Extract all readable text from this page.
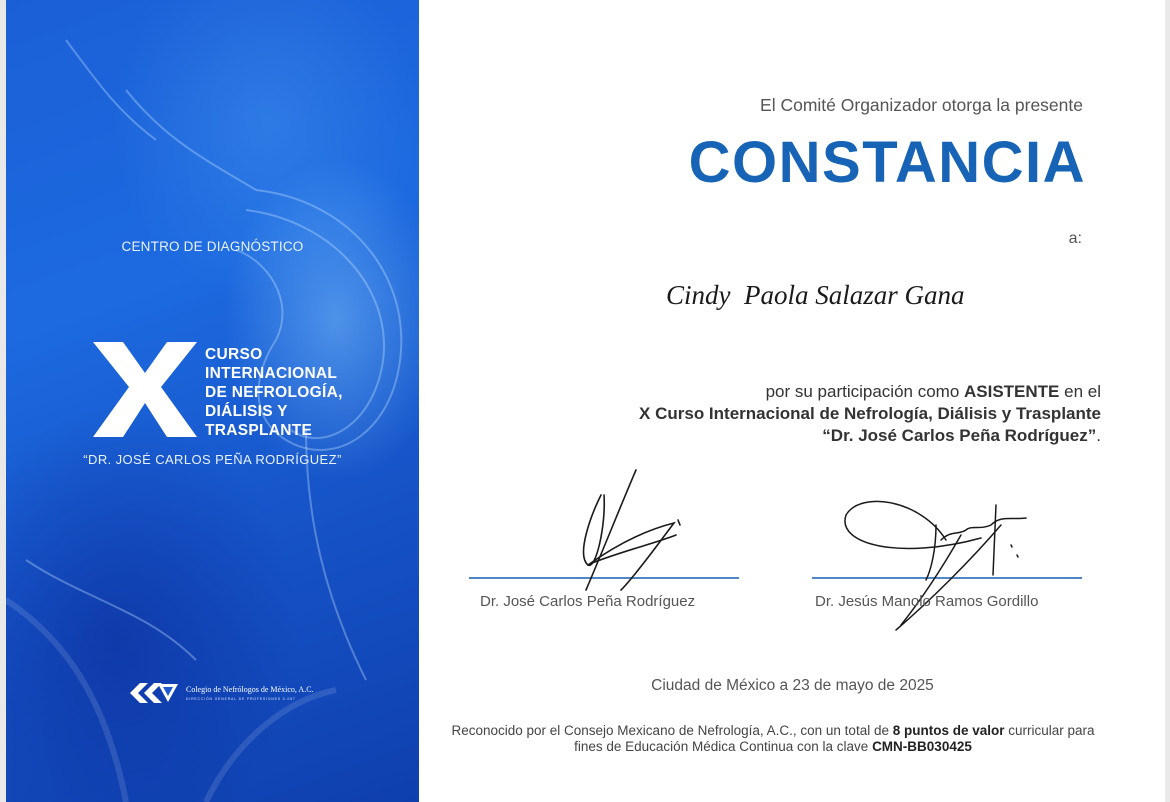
CENTRO DE DIAGNÓSTICO
CURSO
INTERNACIONAL
DE NEFROLOGÍA,
DIÁLISIS Y
TRASPLANTE
“DR. JOSÉ CARLOS PEÑA RODRÍGUEZ”
Colegio de Nefrólogos de México, A.C.
DIRECCIÓN GENERAL DE PROFESIONES 3-057
El Comité Organizador otorga la presente
CONSTANCIA
a:
Cindy  Paola Salazar Gana
por su participación como ASISTENTE en el
X Curso Internacional de Nefrología, Diálisis y Trasplante
“Dr. José Carlos Peña Rodríguez”.
Dr. José Carlos Peña Rodríguez	Dr. Jesús Manolo Ramos Gordillo
Ciudad de México a 23 de mayo de 2025
Reconocido por el Consejo Mexicano de Nefrología, A.C., con un total de 8 puntos de valor curricular para fines de Educación Médica Continua con la clave CMN-BB030425
